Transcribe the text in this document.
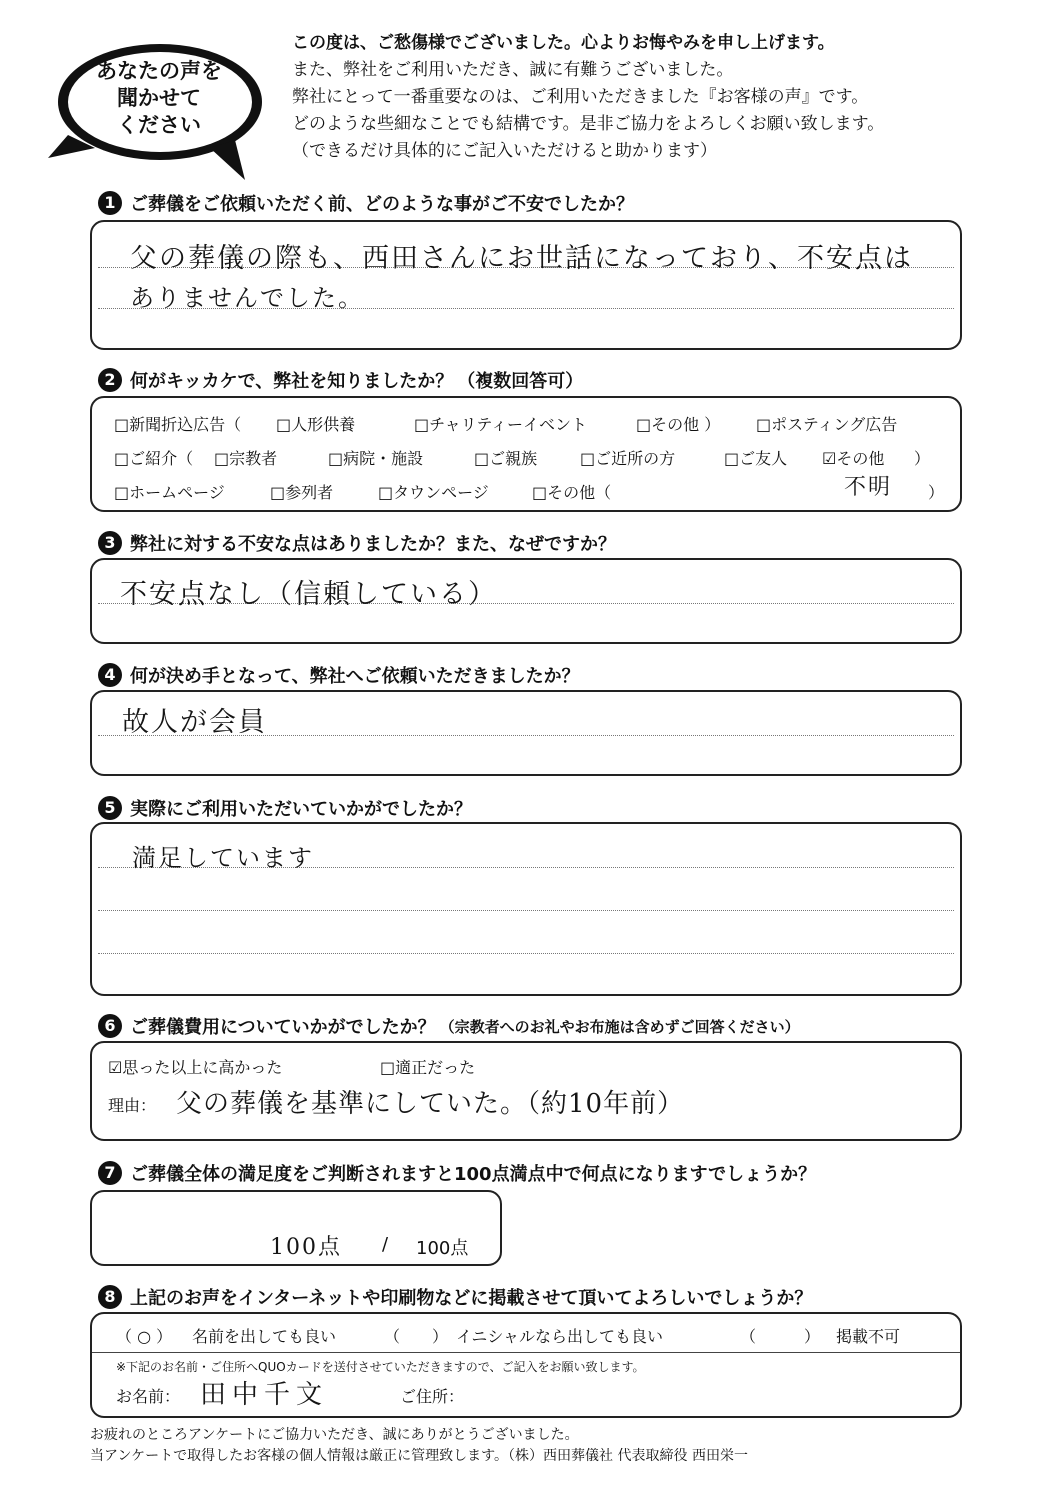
あなたの声を
聞かせて
ください
この度は、ご愁傷様でございました。心よりお悔やみを申し上げます。
また、弊社をご利用いただき、誠に有難うございました。
弊社にとって一番重要なのは、ご利用いただきました『お客様の声』です。
どのような些細なことでも結構です。是非ご協力をよろしくお願い致します。
（できるだけ具体的にご記入いただけると助かります）
1 ご葬儀をご依頼いただく前、どのような事がご不安でしたか？
父の葬儀の際も、西田さんにお世話になっており、不安点は
ありませんでした。
2 何がキッカケで、弊社を知りましたか？ （複数回答可）
□新聞折込広告（ □人形供養	□チャリティーイベント	□その他 ） □ポスティング広告
□ご紹介（ □宗教者	□病院・施設	□ご親族	□ご近所の方	□ご友人 ☑その他 ）
□ホームページ	□参列者	□タウンページ	□その他（	）
不明
3 弊社に対する不安な点はありましたか？また、なぜですか？
不安点なし（信頼している）
4 何が決め手となって、弊社へご依頼いただきましたか？
故人が会員
5 実際にご利用いただいていかがでしたか？
満足しています
6 ご葬儀費用についていかがでしたか？ （宗教者へのお礼やお布施は含めずご回答ください）
☑思った以上に高かった	□適正だった
理由： 父の葬儀を基準にしていた。（約10年前）
7 ご葬儀全体の満足度をご判断されますと100点満点中で何点になりますでしょうか？
100点 / 100点
8 上記のお声をインターネットや印刷物などに掲載させて頂いてよろしいでしょうか？
（ ○ ） 名前を出しても良い	（　　） イニシャルなら出しても良い	（　　　） 掲載不可
※下記のお名前・ご住所へQUOカードを送付させていただきますので、ご記入をお願い致します。
お名前： 田中千文	ご住所：
お疲れのところアンケートにご協力いただき、誠にありがとうございました。
当アンケートで取得したお客様の個人情報は厳正に管理致します。（株）西田葬儀社 代表取締役 西田栄一
